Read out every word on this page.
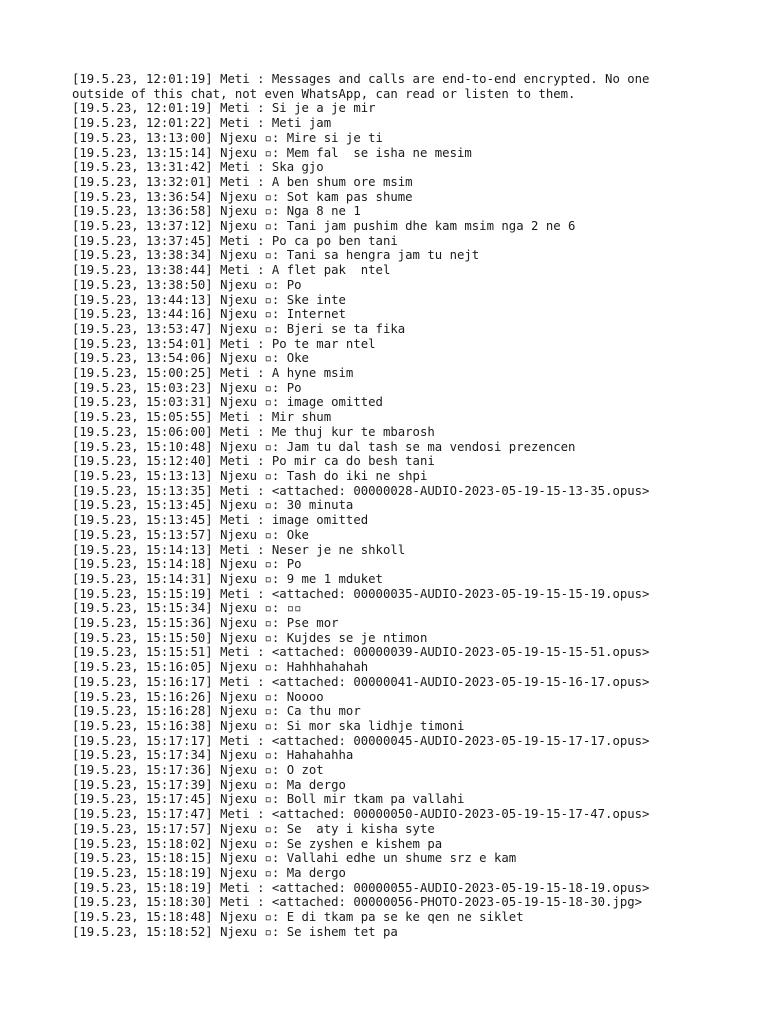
[19.5.23, 12:01:19] Meti : Messages and calls are end-to-end encrypted. No one
outside of this chat, not even WhatsApp, can read or listen to them.
[19.5.23, 12:01:19] Meti : Si je a je mir
[19.5.23, 12:01:22] Meti : Meti jam
[19.5.23, 13:13:00] Njexu ▫: Mire si je ti
[19.5.23, 13:15:14] Njexu ▫: Mem fal  se isha ne mesim
[19.5.23, 13:31:42] Meti : Ska gjo
[19.5.23, 13:32:01] Meti : A ben shum ore msim
[19.5.23, 13:36:54] Njexu ▫: Sot kam pas shume
[19.5.23, 13:36:58] Njexu ▫: Nga 8 ne 1
[19.5.23, 13:37:12] Njexu ▫: Tani jam pushim dhe kam msim nga 2 ne 6
[19.5.23, 13:37:45] Meti : Po ca po ben tani
[19.5.23, 13:38:34] Njexu ▫: Tani sa hengra jam tu nejt
[19.5.23, 13:38:44] Meti : A flet pak  ntel
[19.5.23, 13:38:50] Njexu ▫: Po
[19.5.23, 13:44:13] Njexu ▫: Ske inte
[19.5.23, 13:44:16] Njexu ▫: Internet
[19.5.23, 13:53:47] Njexu ▫: Bjeri se ta fika
[19.5.23, 13:54:01] Meti : Po te mar ntel
[19.5.23, 13:54:06] Njexu ▫: Oke
[19.5.23, 15:00:25] Meti : A hyne msim
[19.5.23, 15:03:23] Njexu ▫: Po
[19.5.23, 15:03:31] Njexu ▫: image omitted
[19.5.23, 15:05:55] Meti : Mir shum
[19.5.23, 15:06:00] Meti : Me thuj kur te mbarosh
[19.5.23, 15:10:48] Njexu ▫: Jam tu dal tash se ma vendosi prezencen
[19.5.23, 15:12:40] Meti : Po mir ca do besh tani
[19.5.23, 15:13:13] Njexu ▫: Tash do iki ne shpi
[19.5.23, 15:13:35] Meti : <attached: 00000028-AUDIO-2023-05-19-15-13-35.opus>
[19.5.23, 15:13:45] Njexu ▫: 30 minuta
[19.5.23, 15:13:45] Meti : image omitted
[19.5.23, 15:13:57] Njexu ▫: Oke
[19.5.23, 15:14:13] Meti : Neser je ne shkoll
[19.5.23, 15:14:18] Njexu ▫: Po
[19.5.23, 15:14:31] Njexu ▫: 9 me 1 mduket
[19.5.23, 15:15:19] Meti : <attached: 00000035-AUDIO-2023-05-19-15-15-19.opus>
[19.5.23, 15:15:34] Njexu ▫: ▫▫
[19.5.23, 15:15:36] Njexu ▫: Pse mor
[19.5.23, 15:15:50] Njexu ▫: Kujdes se je ntimon
[19.5.23, 15:15:51] Meti : <attached: 00000039-AUDIO-2023-05-19-15-15-51.opus>
[19.5.23, 15:16:05] Njexu ▫: Hahhhahahah
[19.5.23, 15:16:17] Meti : <attached: 00000041-AUDIO-2023-05-19-15-16-17.opus>
[19.5.23, 15:16:26] Njexu ▫: Noooo
[19.5.23, 15:16:28] Njexu ▫: Ca thu mor
[19.5.23, 15:16:38] Njexu ▫: Si mor ska lidhje timoni
[19.5.23, 15:17:17] Meti : <attached: 00000045-AUDIO-2023-05-19-15-17-17.opus>
[19.5.23, 15:17:34] Njexu ▫: Hahahahha
[19.5.23, 15:17:36] Njexu ▫: O zot
[19.5.23, 15:17:39] Njexu ▫: Ma dergo
[19.5.23, 15:17:45] Njexu ▫: Boll mir tkam pa vallahi
[19.5.23, 15:17:47] Meti : <attached: 00000050-AUDIO-2023-05-19-15-17-47.opus>
[19.5.23, 15:17:57] Njexu ▫: Se  aty i kisha syte
[19.5.23, 15:18:02] Njexu ▫: Se zyshen e kishem pa
[19.5.23, 15:18:15] Njexu ▫: Vallahi edhe un shume srz e kam
[19.5.23, 15:18:19] Njexu ▫: Ma dergo
[19.5.23, 15:18:19] Meti : <attached: 00000055-AUDIO-2023-05-19-15-18-19.opus>
[19.5.23, 15:18:30] Meti : <attached: 00000056-PHOTO-2023-05-19-15-18-30.jpg>
[19.5.23, 15:18:48] Njexu ▫: E di tkam pa se ke qen ne siklet
[19.5.23, 15:18:52] Njexu ▫: Se ishem tet pa
